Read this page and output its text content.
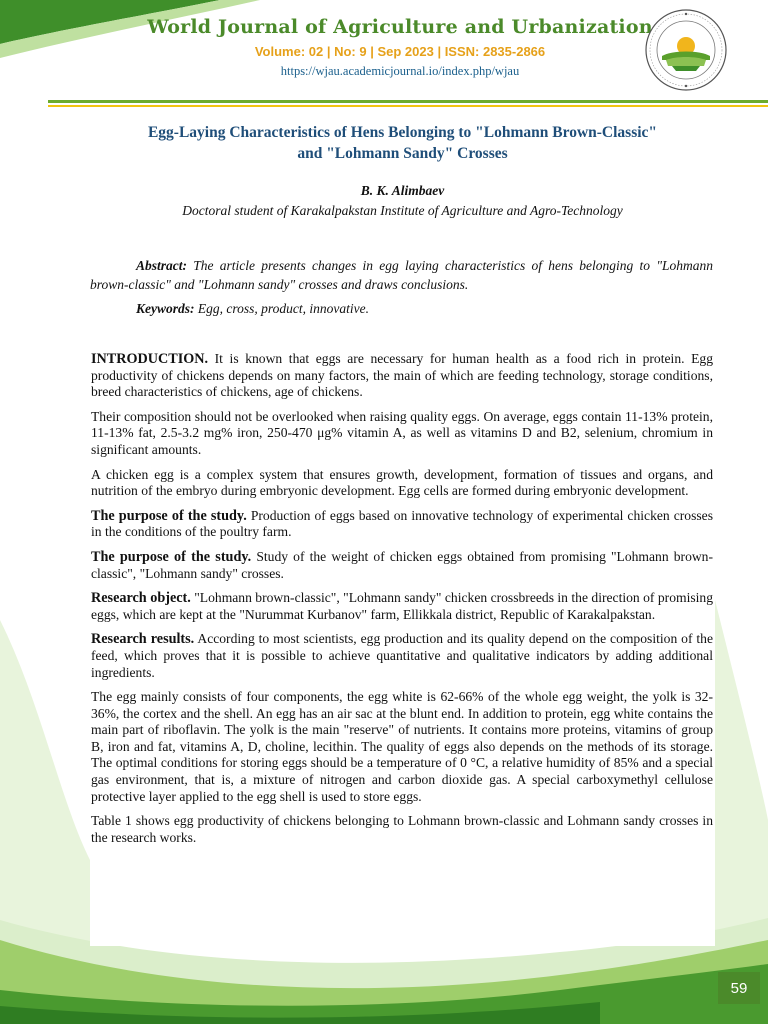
World Journal of Agriculture and Urbanization
Volume: 02 | No: 9 | Sep 2023 | ISSN: 2835-2866
https://wjau.academicjournal.io/index.php/wjau
Egg-Laying Characteristics of Hens Belonging to "Lohmann Brown-Classic"
and "Lohmann Sandy" Crosses
B. K. Alimbaev
Doctoral student of Karakalpakstan Institute of Agriculture and Agro-Technology
Abstract: The article presents changes in egg laying characteristics of hens belonging to "Lohmann brown-classic" and "Lohmann sandy" crosses and draws conclusions.
Keywords: Egg, cross, product, innovative.

INTRODUCTION. It is known that eggs are necessary for human health as a food rich in protein. Egg productivity of chickens depends on many factors, the main of which are feeding technology, storage conditions, breed characteristics of chickens, age of chickens.

Their composition should not be overlooked when raising quality eggs. On average, eggs contain 11-13% protein, 11-13% fat, 2.5-3.2 mg% iron, 250-470 μg% vitamin A, as well as vitamins D and B2, selenium, chromium in significant amounts.

A chicken egg is a complex system that ensures growth, development, formation of tissues and organs, and nutrition of the embryo during embryonic development. Egg cells are formed during embryonic development.

The purpose of the study. Production of eggs based on innovative technology of experimental chicken crosses in the conditions of the poultry farm.

The purpose of the study. Study of the weight of chicken eggs obtained from promising "Lohmann brown-classic", "Lohmann sandy" crosses.

Research object. "Lohmann brown-classic", "Lohmann sandy" chicken crossbreeds in the direction of promising eggs, which are kept at the "Nurummat Kurbanov" farm, Ellikkala district, Republic of Karakalpakstan.

Research results. According to most scientists, egg production and its quality depend on the composition of the feed, which proves that it is possible to achieve quantitative and qualitative indicators by adding additional ingredients.

The egg mainly consists of four components, the egg white is 62-66% of the whole egg weight, the yolk is 32-36%, the cortex and the shell. An egg has an air sac at the blunt end. In addition to protein, egg white contains the main part of riboflavin. The yolk is the main "reserve" of nutrients. It contains more proteins, vitamins of group B, iron and fat, vitamins A, D, choline, lecithin. The quality of eggs also depends on the methods of its storage. The optimal conditions for storing eggs should be a temperature of 0 °C, a relative humidity of 85% and a special gas environment, that is, a mixture of nitrogen and carbon dioxide gas. A special carboxymethyl cellulose protective layer applied to the egg shell is used to store eggs.

Table 1 shows egg productivity of chickens belonging to Lohmann brown-classic and Lohmann sandy crosses in the research works.

59
